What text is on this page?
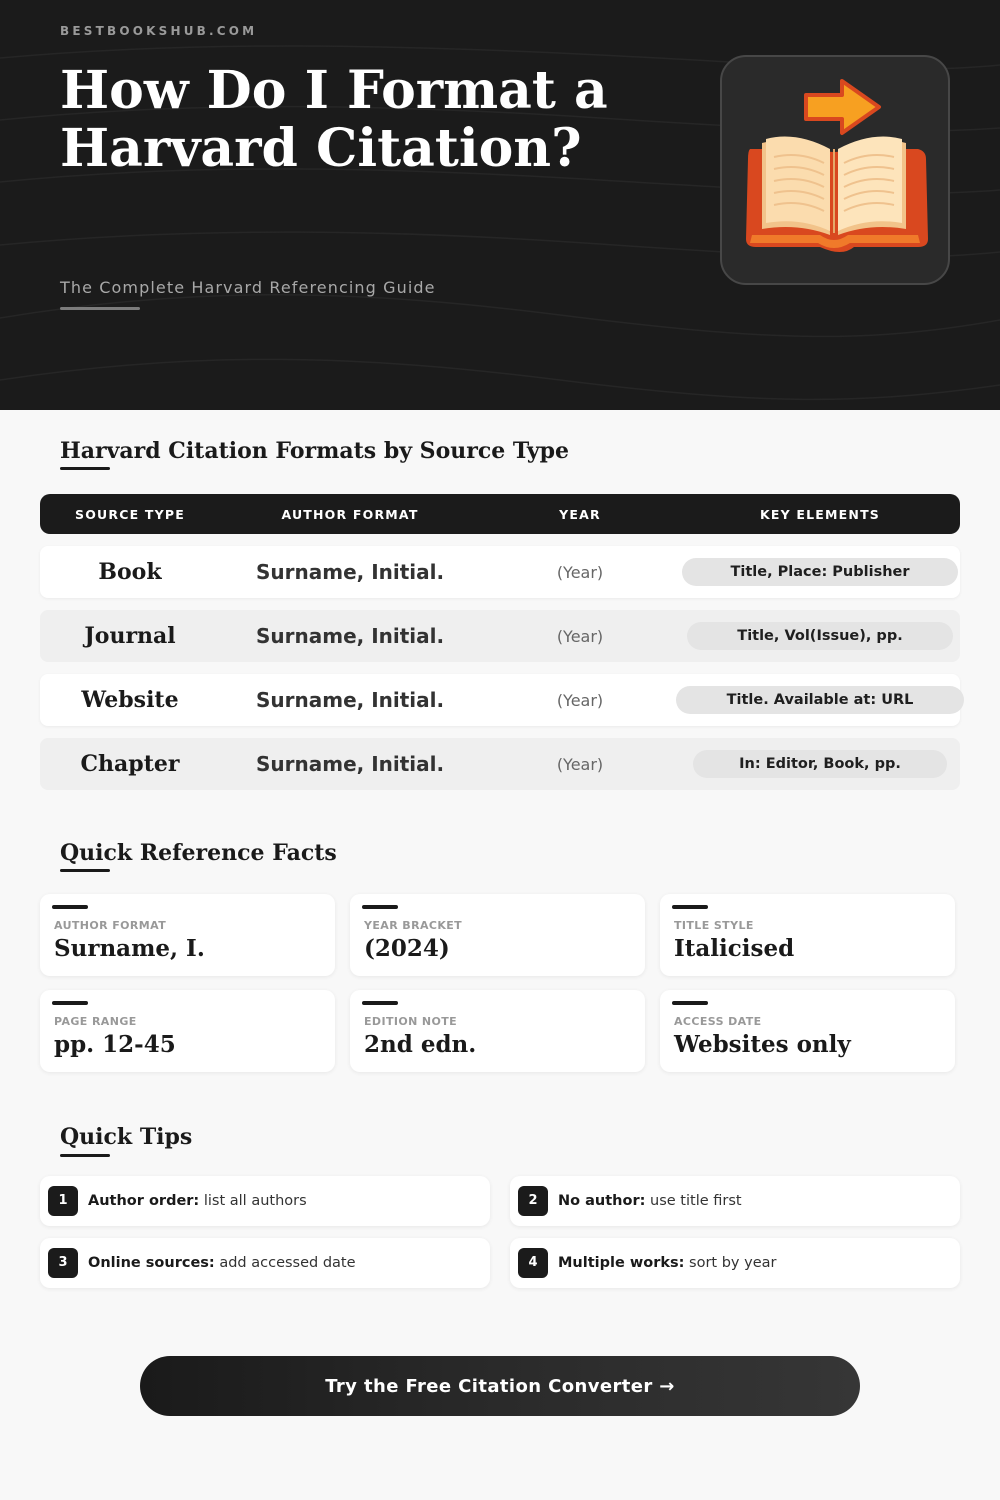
BESTBOOKSHUB.COM
How Do I Format a Harvard Citation?
The Complete Harvard Referencing Guide
Harvard Citation Formats by Source Type
SOURCE TYPE	AUTHOR FORMAT	YEAR	KEY ELEMENTS
Book	Surname, Initial.	(Year)	Title, Place: Publisher
Journal	Surname, Initial.	(Year)	Title, Vol(Issue), pp.
Website	Surname, Initial.	(Year)	Title. Available at: URL
Chapter	Surname, Initial.	(Year)	In: Editor, Book, pp.
Quick Reference Facts
AUTHOR FORMAT
Surname, I.
YEAR BRACKET
(2024)
TITLE STYLE
Italicised
PAGE RANGE
pp. 12-45
EDITION NOTE
2nd edn.
ACCESS DATE
Websites only
Quick Tips
1	Author order: list all authors	2	No author: use title first
3	Online sources: add accessed date	4	Multiple works: sort by year
Try the Free Citation Converter →
